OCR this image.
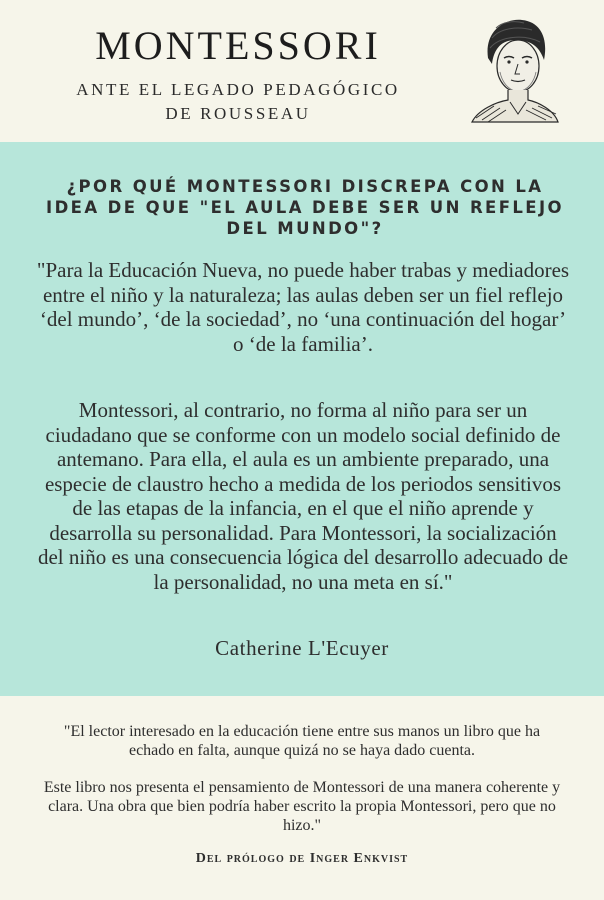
MONTESSORI
ANTE EL LEGADO PEDAGÓGICO
DE ROUSSEAU
¿POR QUÉ MONTESSORI DISCREPA CON LA
IDEA DE QUE "EL AULA DEBE SER UN REFLEJO
DEL MUNDO"?

"Para la Educación Nueva, no puede haber trabas y mediadores entre el niño y la naturaleza; las aulas deben ser un fiel reflejo ‘del mundo’, ‘de la sociedad’, no ‘una continuación del hogar’ o ‘de la familia’.

Montessori, al contrario, no forma al niño para ser un ciudadano que se conforme con un modelo social definido de antemano. Para ella, el aula es un ambiente preparado, una especie de claustro hecho a medida de los periodos sensitivos de las etapas de la infancia, en el que el niño aprende y desarrolla su personalidad. Para Montessori, la socialización del niño es una consecuencia lógica del desarrollo adecuado de la personalidad, no una meta en sí."

Catherine L'Ecuyer

"El lector interesado en la educación tiene entre sus manos un libro que ha echado en falta, aunque quizá no se haya dado cuenta.

Este libro nos presenta el pensamiento de Montessori de una manera coherente y clara. Una obra que bien podría haber escrito la propia Montessori, pero que no hizo."

Del prólogo de Inger Enkvist
